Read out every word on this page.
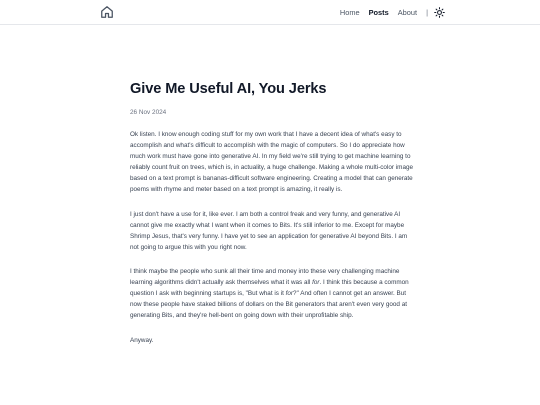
Home Posts About |
Give Me Useful AI, You Jerks
26 Nov 2024

Ok listen. I know enough coding stuff for my own work that I have a decent idea of what's easy to accomplish and what's difficult to accomplish with the magic of computers. So I do appreciate how much work must have gone into generative AI. In my field we're still trying to get machine learning to reliably count fruit on trees, which is, in actuality, a huge challenge. Making a whole multi-color image based on a text prompt is bananas-difficult software engineering. Creating a model that can generate poems with rhyme and meter based on a text prompt is amazing, it really is.

I just don't have a use for it, like ever. I am both a control freak and very funny, and generative AI cannot give me exactly what I want when it comes to Bits. It's still inferior to me. Except for maybe Shrimp Jesus, that's very funny. I have yet to see an application for generative AI beyond Bits. I am not going to argue this with you right now.

I think maybe the people who sunk all their time and money into these very challenging machine learning algorithms didn't actually ask themselves what it was all for. I think this because a common question I ask with beginning startups is, "But what is it for?" And often I cannot get an answer. But now these people have staked billions of dollars on the Bit generators that aren't even very good at generating Bits, and they're hell-bent on going down with their unprofitable ship.

Anyway.
